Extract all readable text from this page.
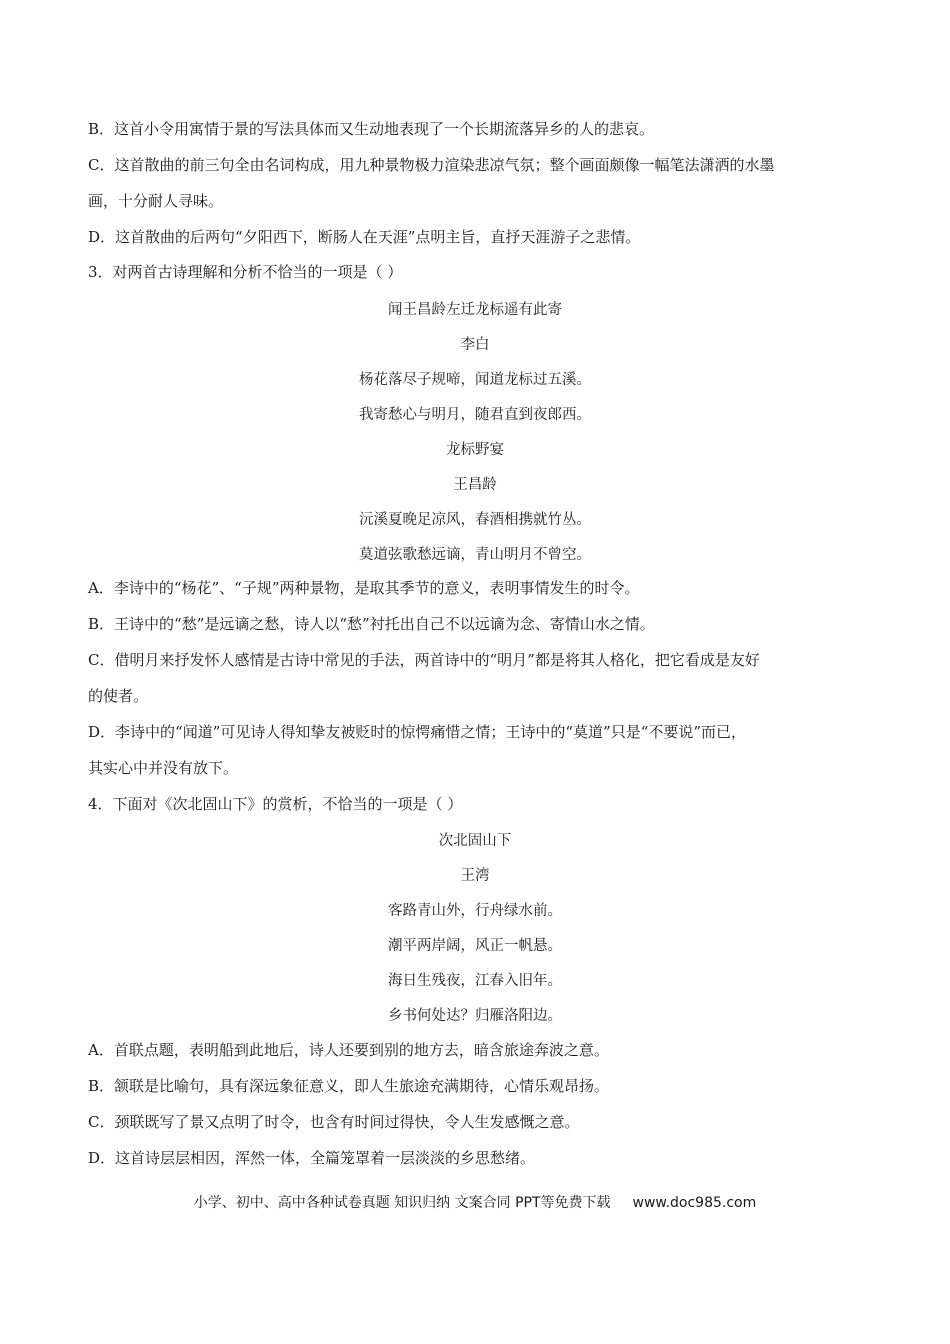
B．这首小令用寓情于景的写法具体而又生动地表现了一个长期流落异乡的人的悲哀。
C．这首散曲的前三句全由名词构成，用九种景物极力渲染悲凉气氛；整个画面颇像一幅笔法潇洒的水墨
画，十分耐人寻味。
D．这首散曲的后两句“夕阳西下，断肠人在天涯”点明主旨，直抒天涯游子之悲情。
3．对两首古诗理解和分析不恰当的一项是（ ）
闻王昌龄左迁龙标遥有此寄
李白
杨花落尽子规啼，闻道龙标过五溪。
我寄愁心与明月，随君直到夜郎西。
龙标野宴
王昌龄
沅溪夏晚足凉风，春酒相携就竹丛。
莫道弦歌愁远谪，青山明月不曾空。
A．李诗中的“杨花”、“子规”两种景物，是取其季节的意义，表明事情发生的时令。
B．王诗中的“愁”是远谪之愁，诗人以“愁”衬托出自己不以远谪为念、寄情山水之情。
C．借明月来抒发怀人感情是古诗中常见的手法，两首诗中的“明月”都是将其人格化，把它看成是友好
的使者。
D．李诗中的“闻道”可见诗人得知挚友被贬时的惊愕痛惜之情；王诗中的“莫道”只是“不要说”而已，
其实心中并没有放下。
4．下面对《次北固山下》的赏析，不恰当的一项是（ ）
次北固山下
王湾
客路青山外，行舟绿水前。
潮平两岸阔，风正一帆悬。
海日生残夜，江春入旧年。
乡书何处达？归雁洛阳边。
A．首联点题，表明船到此地后，诗人还要到别的地方去，暗含旅途奔波之意。
B．颔联是比喻句，具有深远象征意义，即人生旅途充满期待，心情乐观昂扬。
C．颈联既写了景又点明了时令，也含有时间过得快，令人生发感慨之意。
D．这首诗层层相因，浑然一体，全篇笼罩着一层淡淡的乡思愁绪。
小学、初中、高中各种试卷真题 知识归纳 文案合同 PPT等免费下载 www.doc985.com
